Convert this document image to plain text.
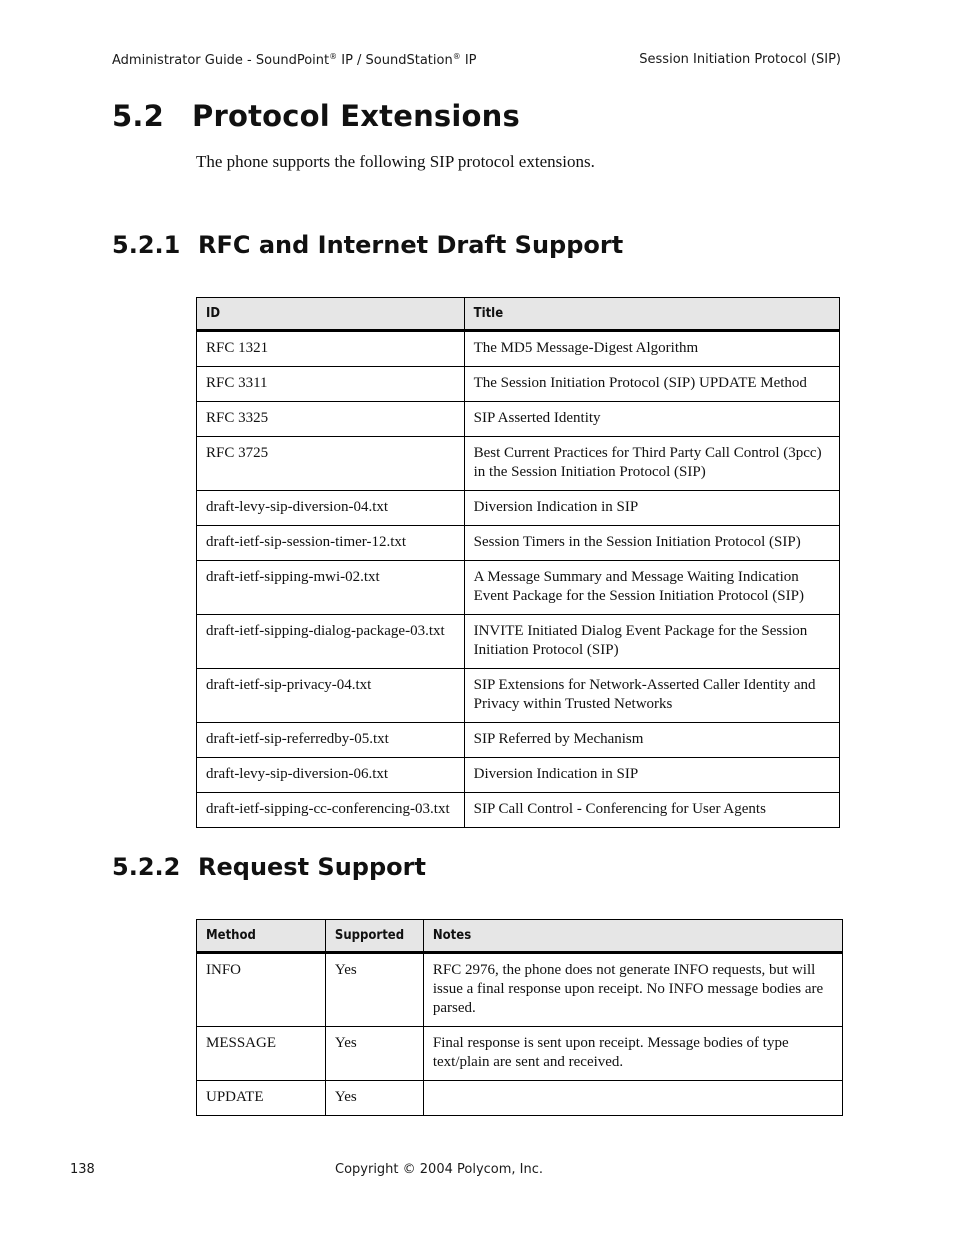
Administrator Guide - SoundPoint® IP / SoundStation® IP	Session Initiation Protocol (SIP)
5.2 Protocol Extensions
The phone supports the following SIP protocol extensions.
5.2.1 RFC and Internet Draft Support
ID	Title
RFC 1321	The MD5 Message-Digest Algorithm
RFC 3311	The Session Initiation Protocol (SIP) UPDATE Method
RFC 3325	SIP Asserted Identity
RFC 3725	Best Current Practices for Third Party Call Control (3pcc) in the Session Initiation Protocol (SIP)
draft-levy-sip-diversion-04.txt	Diversion Indication in SIP
draft-ietf-sip-session-timer-12.txt	Session Timers in the Session Initiation Protocol (SIP)
draft-ietf-sipping-mwi-02.txt	A Message Summary and Message Waiting Indication Event Package for the Session Initiation Protocol (SIP)
draft-ietf-sipping-dialog-package-03.txt	INVITE Initiated Dialog Event Package for the Session Initiation Protocol (SIP)
draft-ietf-sip-privacy-04.txt	SIP Extensions for Network-Asserted Caller Identity and Privacy within Trusted Networks
draft-ietf-sip-referredby-05.txt	SIP Referred by Mechanism
draft-levy-sip-diversion-06.txt	Diversion Indication in SIP
draft-ietf-sipping-cc-conferencing-03.txt	SIP Call Control - Conferencing for User Agents
5.2.2 Request Support
Method	Supported	Notes
INFO	Yes	RFC 2976, the phone does not generate INFO requests, but will issue a final response upon receipt. No INFO message bodies are parsed.
MESSAGE	Yes	Final response is sent upon receipt. Message bodies of type text/plain are sent and received.
UPDATE	Yes	
138	Copyright © 2004 Polycom, Inc.
